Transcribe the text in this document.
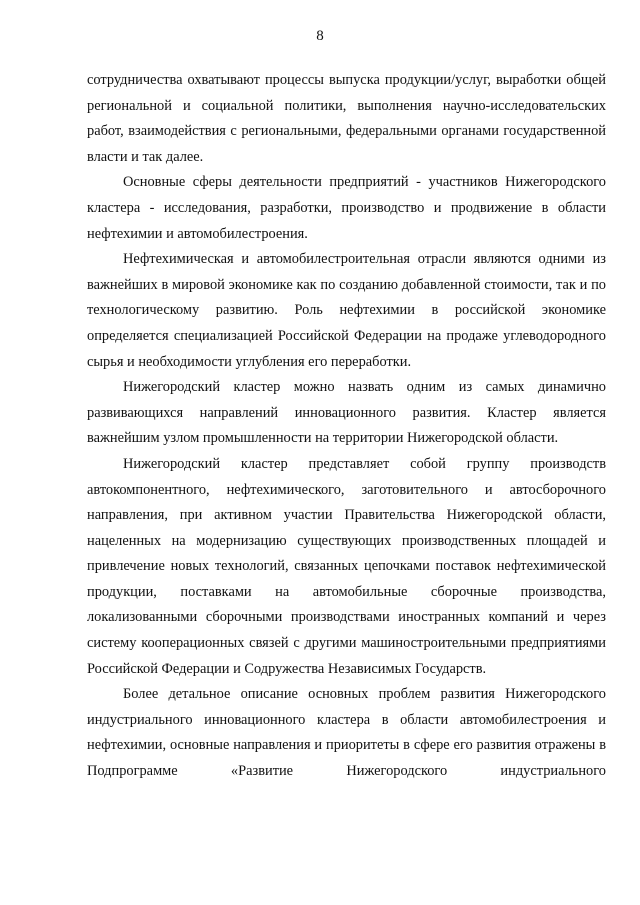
8

сотрудничества охватывают процессы выпуска продукции/услуг, выработки общей региональной и социальной политики, выполнения научно-исследовательских работ, взаимодействия с региональными, федеральными органами государственной власти и так далее.

Основные сферы деятельности предприятий - участников Нижегородского кластера - исследования, разработки, производство и продвижение в области нефтехимии и автомобилестроения.

Нефтехимическая и автомобилестроительная отрасли являются одними из важнейших в мировой экономике как по созданию добавленной стоимости, так и по технологическому развитию. Роль нефтехимии в российской экономике определяется специализацией Российской Федерации на продаже углеводородного сырья и необходимости углубления его переработки.

Нижегородский кластер можно назвать одним из самых динамично развивающихся направлений инновационного развития. Кластер является важнейшим узлом промышленности на территории Нижегородской области.

Нижегородский кластер представляет собой группу производств автокомпонентного, нефтехимического, заготовительного и автосборочного направления, при активном участии Правительства Нижегородской области, нацеленных на модернизацию существующих производственных площадей и привлечение новых технологий, связанных цепочками поставок нефтехимической продукции, поставками на автомобильные сборочные производства, локализованными сборочными производствами иностранных компаний и через систему кооперационных связей с другими машиностроительными предприятиями Российской Федерации и Содружества Независимых Государств.

Более детальное описание основных проблем развития Нижегородского индустриального инновационного кластера в области автомобилестроения и нефтехимии, основные направления и приоритеты в сфере его развития отражены в Подпрограмме «Развитие Нижегородского индустриального
